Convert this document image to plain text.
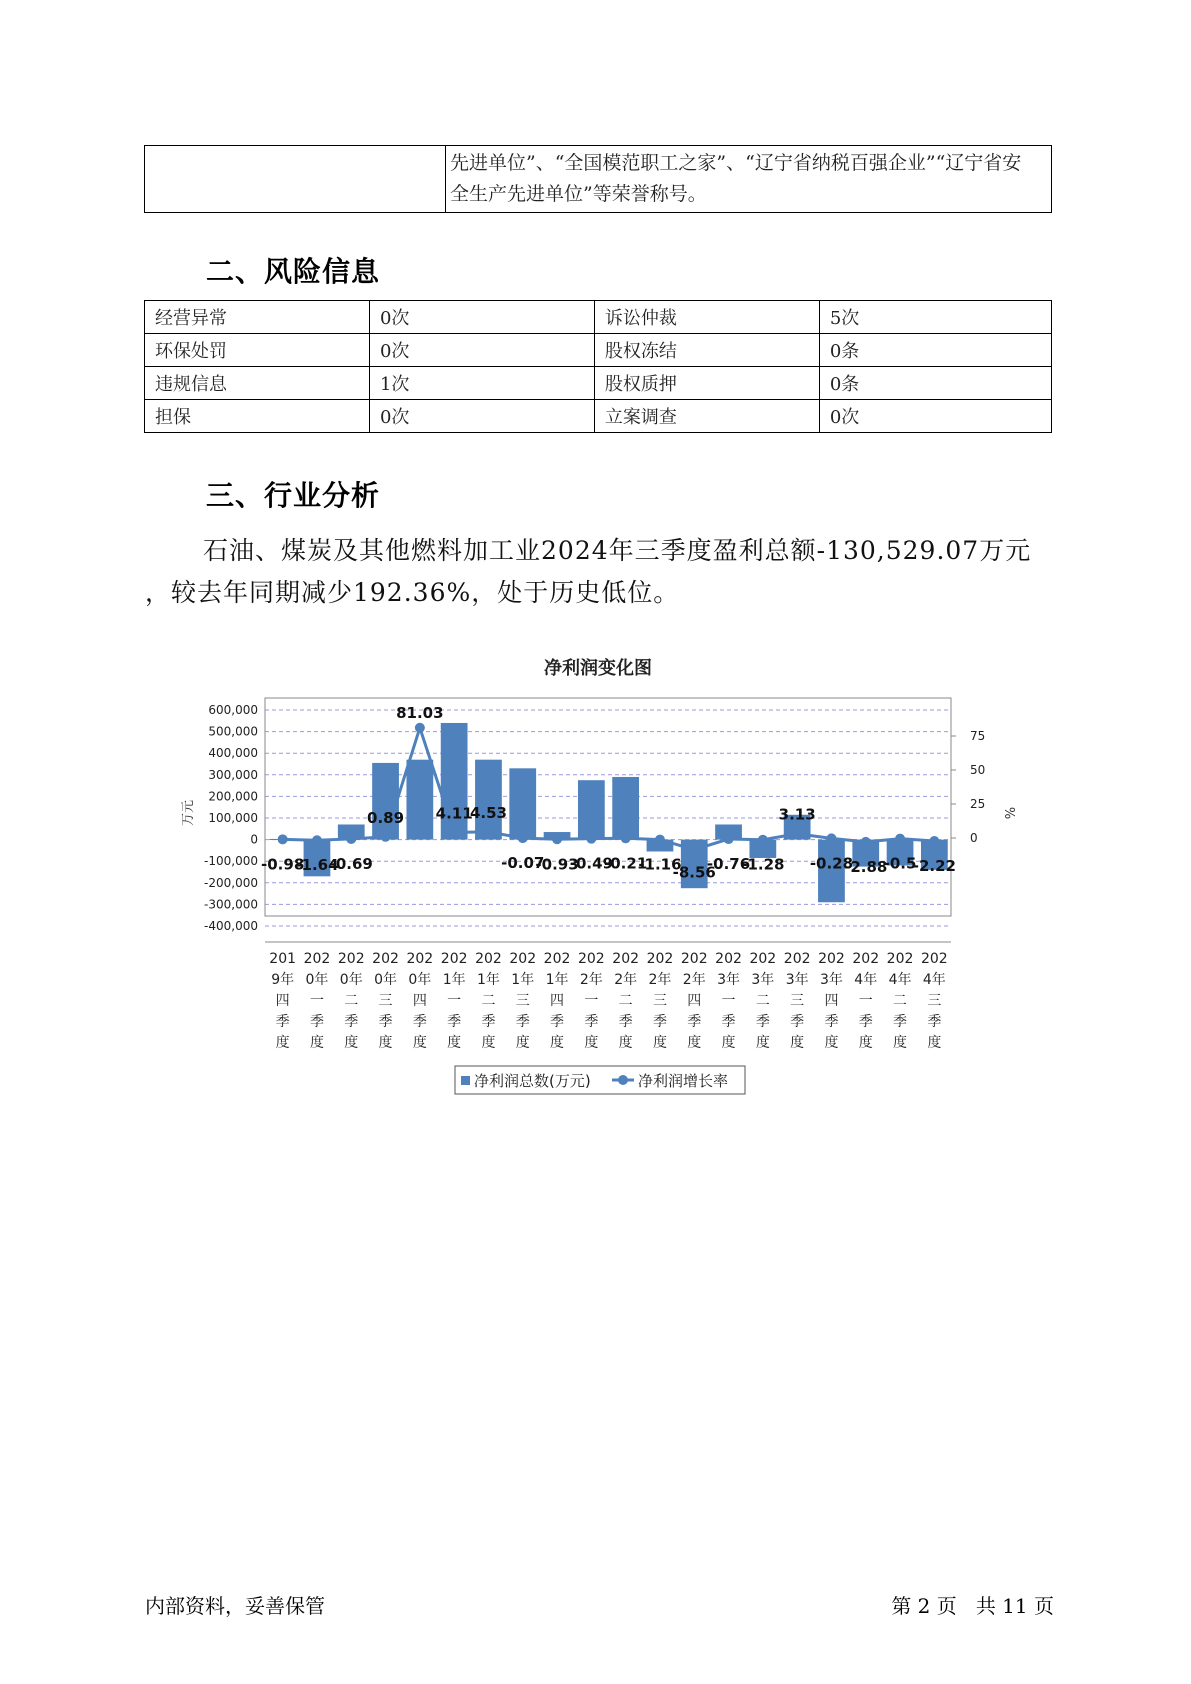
先进单位”、“全国模范职工之家”、“辽宁省纳税百强企业”“辽宁省安
全生产先进单位”等荣誉称号。
二、风险信息
经营异常	0次	诉讼仲裁	5次
环保处罚	0次	股权冻结	0条
违规信息	1次	股权质押	0条
担保	0次	立案调查	0次
三、行业分析
石油、煤炭及其他燃料加工业2024年三季度盈利总额-130,529.07万元
，较去年同期减少192.36%，处于历史低位。
净利润变化图
600,000
500,000
400,000
300,000
200,000
100,000
0
-100,000
-200,000
-300,000
-400,000
75
50
25
0
万元	%
-0.98
-1.64
-0.69
0.89
81.03
4.11
4.53
-0.07
-0.93
-0.49
-0.21
-1.16
-8.56
-0.76
-1.28
3.13
-0.28
-2.88
-0.5
-2.22
201
9年
四
季
度
202
0年
一
季
度
202
0年
二
季
度
202
0年
三
季
度
202
0年
四
季
度
202
1年
一
季
度
202
1年
二
季
度
202
1年
三
季
度
202
1年
四
季
度
202
2年
一
季
度
202
2年
二
季
度
202
2年
三
季
度
202
2年
四
季
度
202
3年
一
季
度
202
3年
二
季
度
202
3年
三
季
度
202
3年
四
季
度
202
4年
一
季
度
202
4年
二
季
度
202
4年
三
季
度
净利润总数(万元)	净利润增长率
内部资料，妥善保管	第 2 页   共 11 页
